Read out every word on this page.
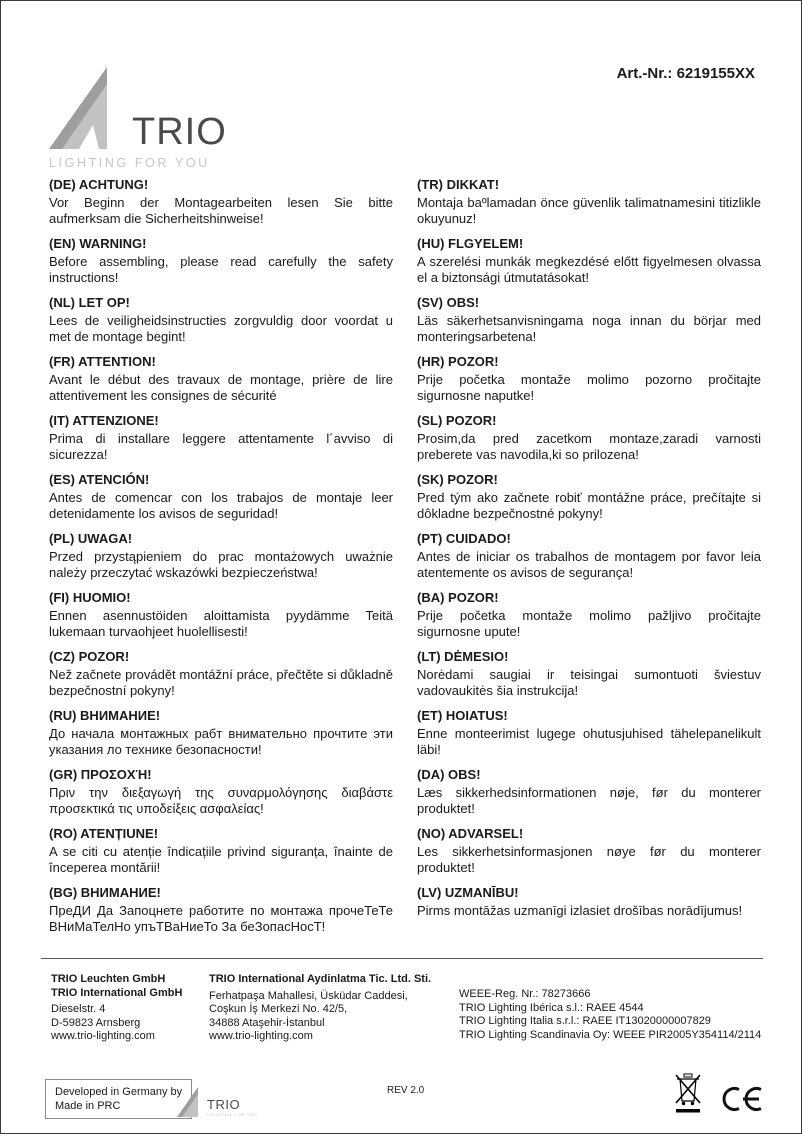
Art.-Nr.: 6219155XX
TRIO
LIGHTING FOR YOU
(DE) ACHTUNG!
Vor Beginn der Montagearbeiten lesen Sie bitte aufmerksam die Sicherheitshinweise!
(EN) WARNING!
Before assembling, please read carefully the safety instructions!
(NL) LET OP!
Lees de veiligheidsinstructies zorgvuldig door voordat u met de montage begint!
(FR) ATTENTION!
Avant le début des travaux de montage, prière de lire attentivement les consignes de sécurité
(IT) ATTENZIONE!
Prima di installare leggere attentamente l´avviso di sicurezza!
(ES) ATENCIÓN!
Antes de comencar con los trabajos de montaje leer detenidamente los avisos de seguridad!
(PL) UWAGA!
Przed przystąpieniem do prac montażowych uważnie należy przeczytać wskazówki bezpieczeństwa!
(FI) HUOMIO!
Ennen asennustöiden aloittamista pyydämme Teitä lukemaan turvaohjeet huolellisesti!
(CZ) POZOR!
Než začnete provádět montážní práce, přečtěte si důkladně bezpečnostní pokyny!
(RU) ВНИМАНИЕ!
До начала монтажных рабт внимательно прочтите эти указания ло технике безопасности!
(GR) ΠΡΟΣΟΧΉ!
Πριν την διεξαγωγή της συναρμολόγησης διαβάστε προσεκτικά τις υποδείξεις ασφαλείας!
(RO) ATENȚIUNE!
A se citi cu atenție îndicațiile privind siguranța, înainte de începerea montării!
(BG) ВНИМАНИЕ!
ПреДИ Да Запоцнете работите по монтажа прочеТеТе ВНиМаТелНо упъТВаНиеТо За беЗопасНосТ!
(TR) DIKKAT!
Montaja baºlamadan önce güvenlik talimatnamesini titizlikle okuyunuz!
(HU) FLGYELEM!
A szerelési munkák megkezdésé előtt figyelmesen olvassa el a biztonsági útmutatásokat!
(SV) OBS!
Läs säkerhetsanvisningama noga innan du börjar med monteringsarbetena!
(HR) POZOR!
Prije početka montaže molimo pozorno pročitajte sigurnosne naputke!
(SL) POZOR!
Prosim,da pred zacetkom montaze,zaradi varnosti preberete vas navodila,ki so prilozena!
(SK) POZOR!
Pred tým ako začnete robiť montážne práce, prečítajte si dôkladne bezpečnostné pokyny!
(PT) CUIDADO!
Antes de iniciar os trabalhos de montagem por favor leia atentemente os avisos de segurança!
(BA) POZOR!
Prije početka montaže molimo pažljivo pročitajte sigurnosne upute!
(LT) DĖMESIO!
Norėdami saugiai ir teisingai sumontuoti šviestuv vadovaukitės šia instrukcija!
(ET) HOIATUS!
Enne monteerimist lugege ohutusjuhised tähelepanelikult läbi!
(DA) OBS!
Læs sikkerhedsinformationen nøje, før du monterer produktet!
(NO) ADVARSEL!
Les sikkerhetsinformasjonen nøye før du monterer produktet!
(LV) UZMANĪBU!
Pirms montāžas uzmanīgi izlasiet drošības norādījumus!
TRIO Leuchten GmbH
TRIO International GmbH
Dieselstr. 4
D-59823 Arnsberg
www.trio-lighting.com
TRIO International Aydinlatma Tic. Ltd. Sti.
Ferhatpaşa Mahallesi, Üsküdar Caddesi,
Coşkun İş Merkezi No. 42/5,
34888 Ataşehir-İstanbul
www.trio-lighting.com
WEEE-Reg. Nr.: 78273666
TRIO Lighting Ibérica s.l.: RAEE 4544
TRIO Lighting Italia s.r.l.: RAEE IT13020000007829
TRIO Lighting Scandinavia Oy: WEEE PIR2005Y354114/2114
Developed in Germany by
Made in PRC	TRIO
LIGHTING FOR YOU
REV 2.0
